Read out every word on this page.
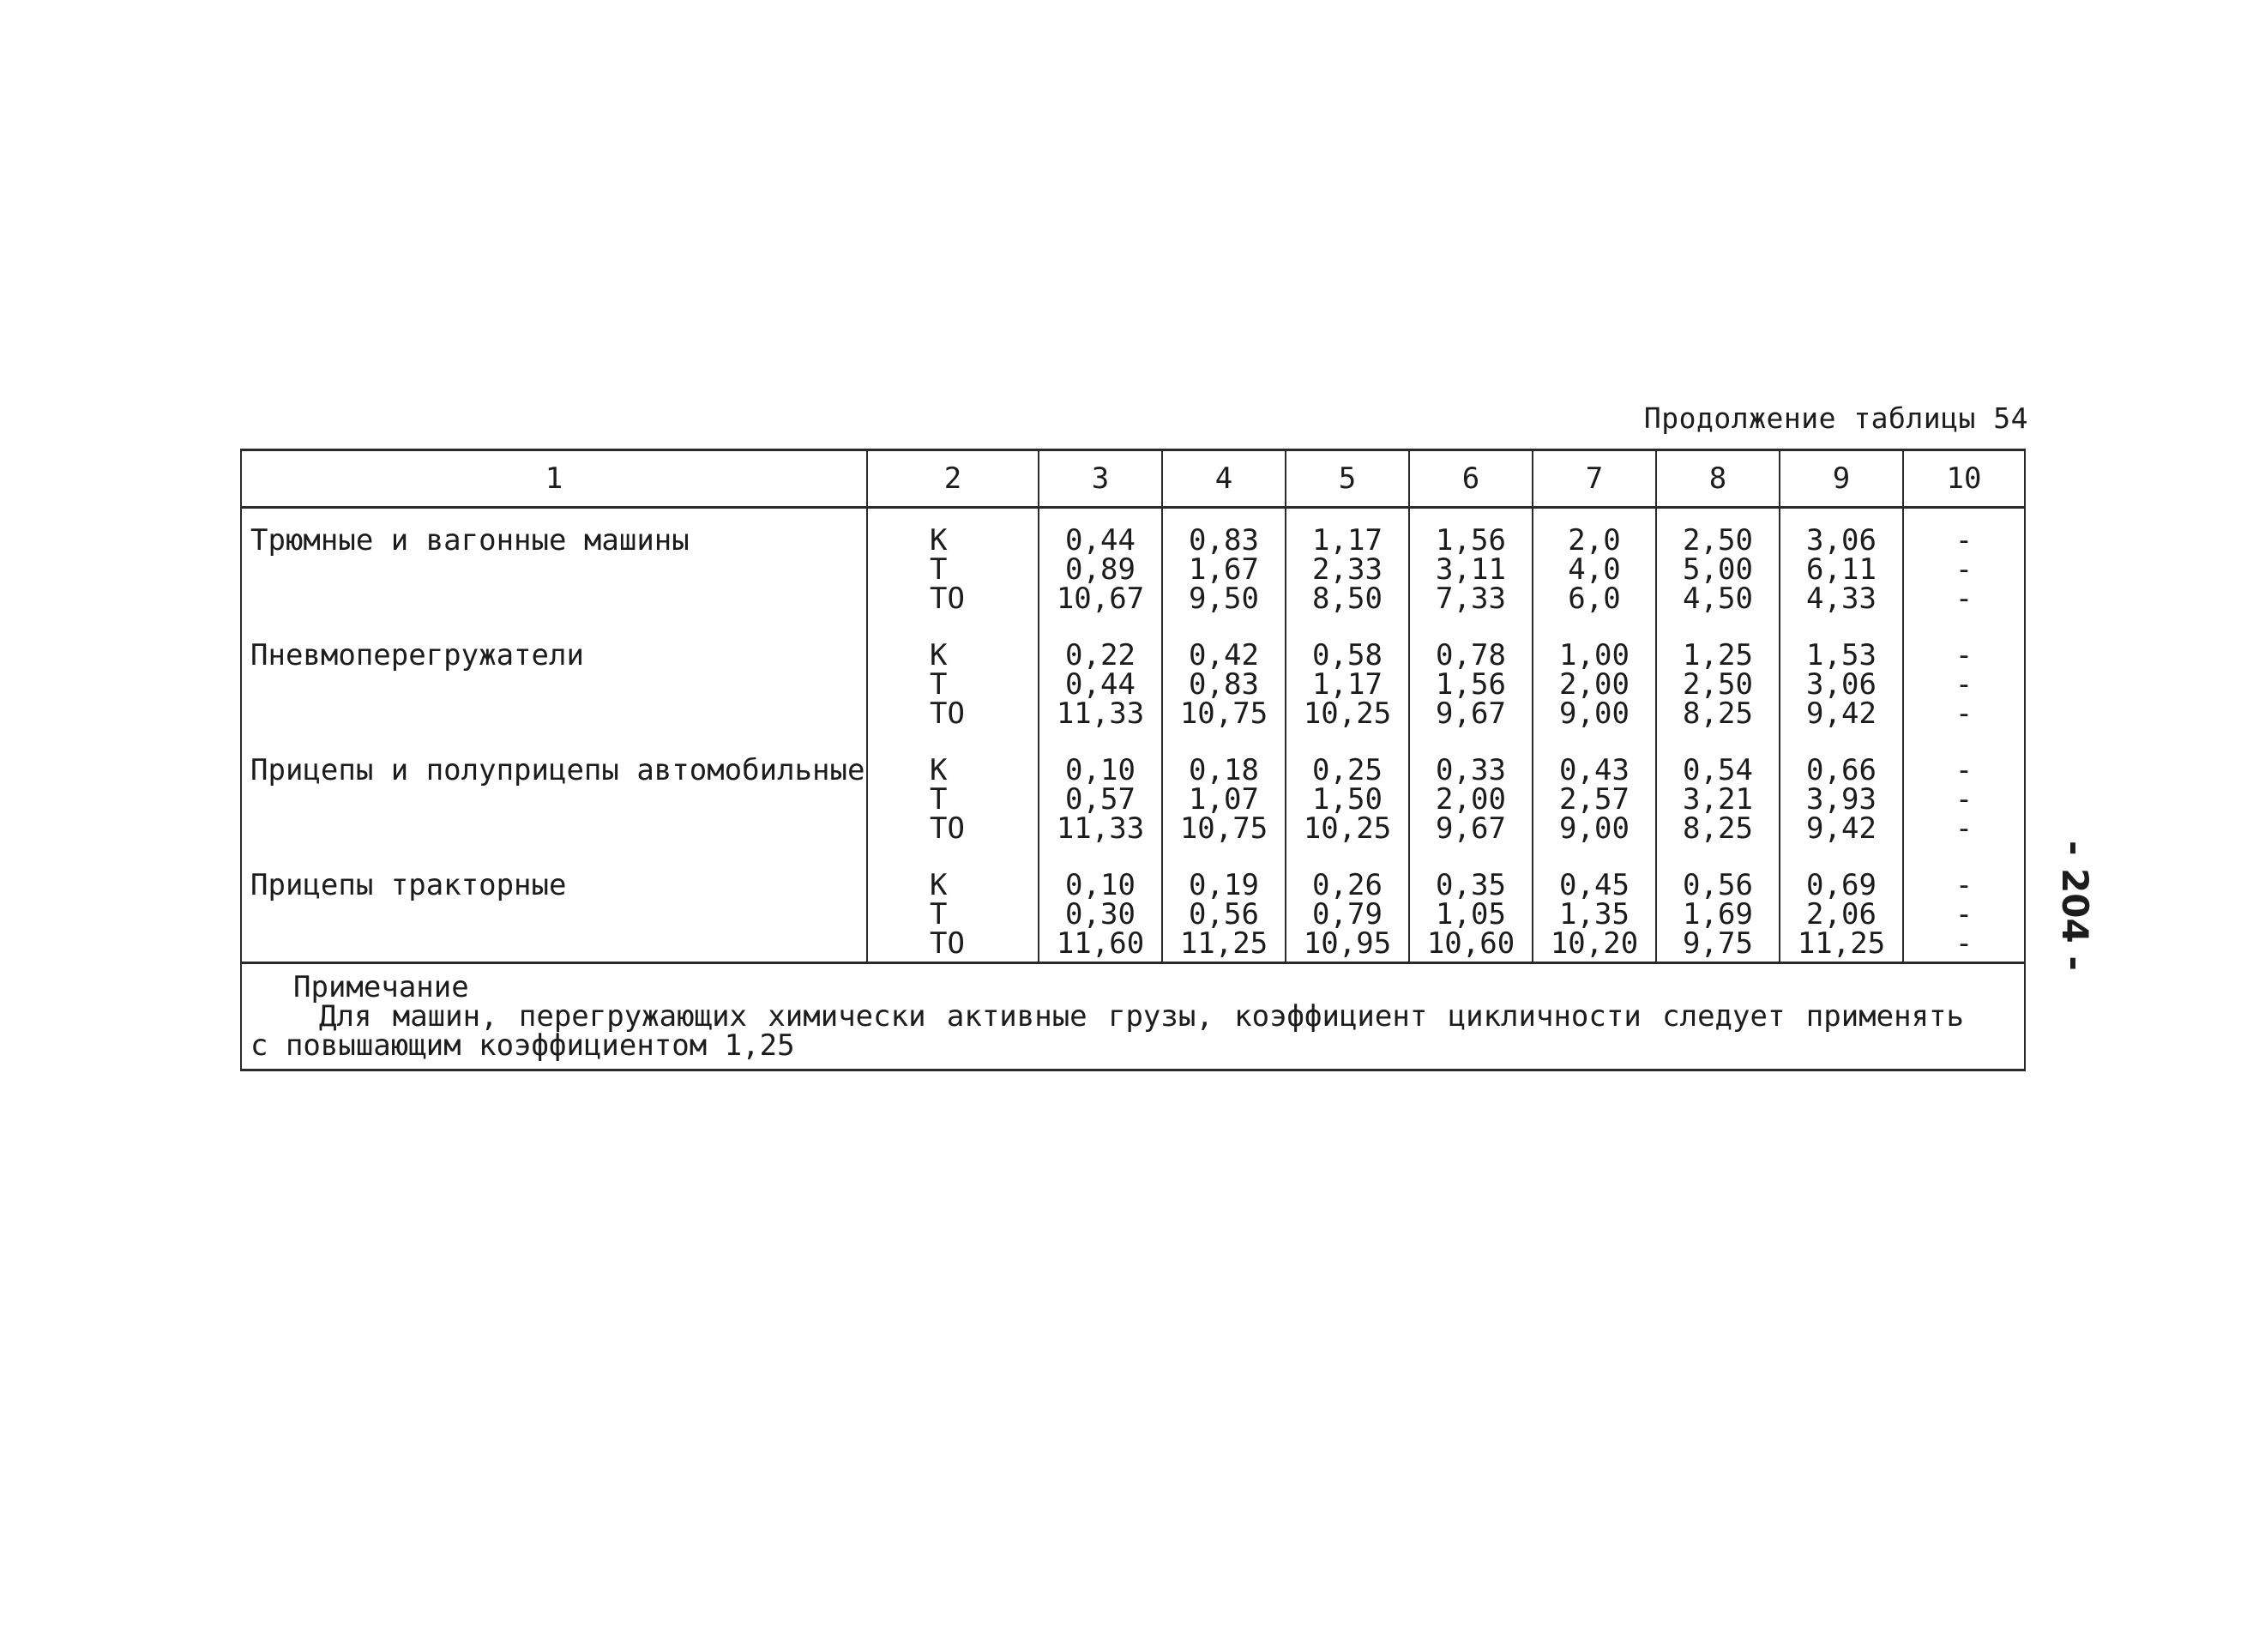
Продолжение таблицы 54
1	2	3	4	5	6	7	8	9	10
Трюмные и вагонные машины	К	0,44	0,83	1,17	1,56	2,0	2,50	3,06	-
	Т	0,89	1,67	2,33	3,11	4,0	5,00	6,11	-
	ТО	10,67	9,50	8,50	7,33	6,0	4,50	4,33	-
Пневмоперегружатели	К	0,22	0,42	0,58	0,78	1,00	1,25	1,53	-
	Т	0,44	0,83	1,17	1,56	2,00	2,50	3,06	-
	ТО	11,33	10,75	10,25	9,67	9,00	8,25	9,42	-
Прицепы и полуприцепы автомобильные	К	0,10	0,18	0,25	0,33	0,43	0,54	0,66	-
	Т	0,57	1,07	1,50	2,00	2,57	3,21	3,93	-
	ТО	11,33	10,75	10,25	9,67	9,00	8,25	9,42	-
Прицепы тракторные	К	0,10	0,19	0,26	0,35	0,45	0,56	0,69	-
	Т	0,30	0,56	0,79	1,05	1,35	1,69	2,06	-
	ТО	11,60	11,25	10,95	10,60	10,20	9,75	11,25	-

Примечание
Для машин, перегружающих химически активные грузы, коэффициент цикличности следует применять с повышающим коэффициентом 1,25									
- 204 -
